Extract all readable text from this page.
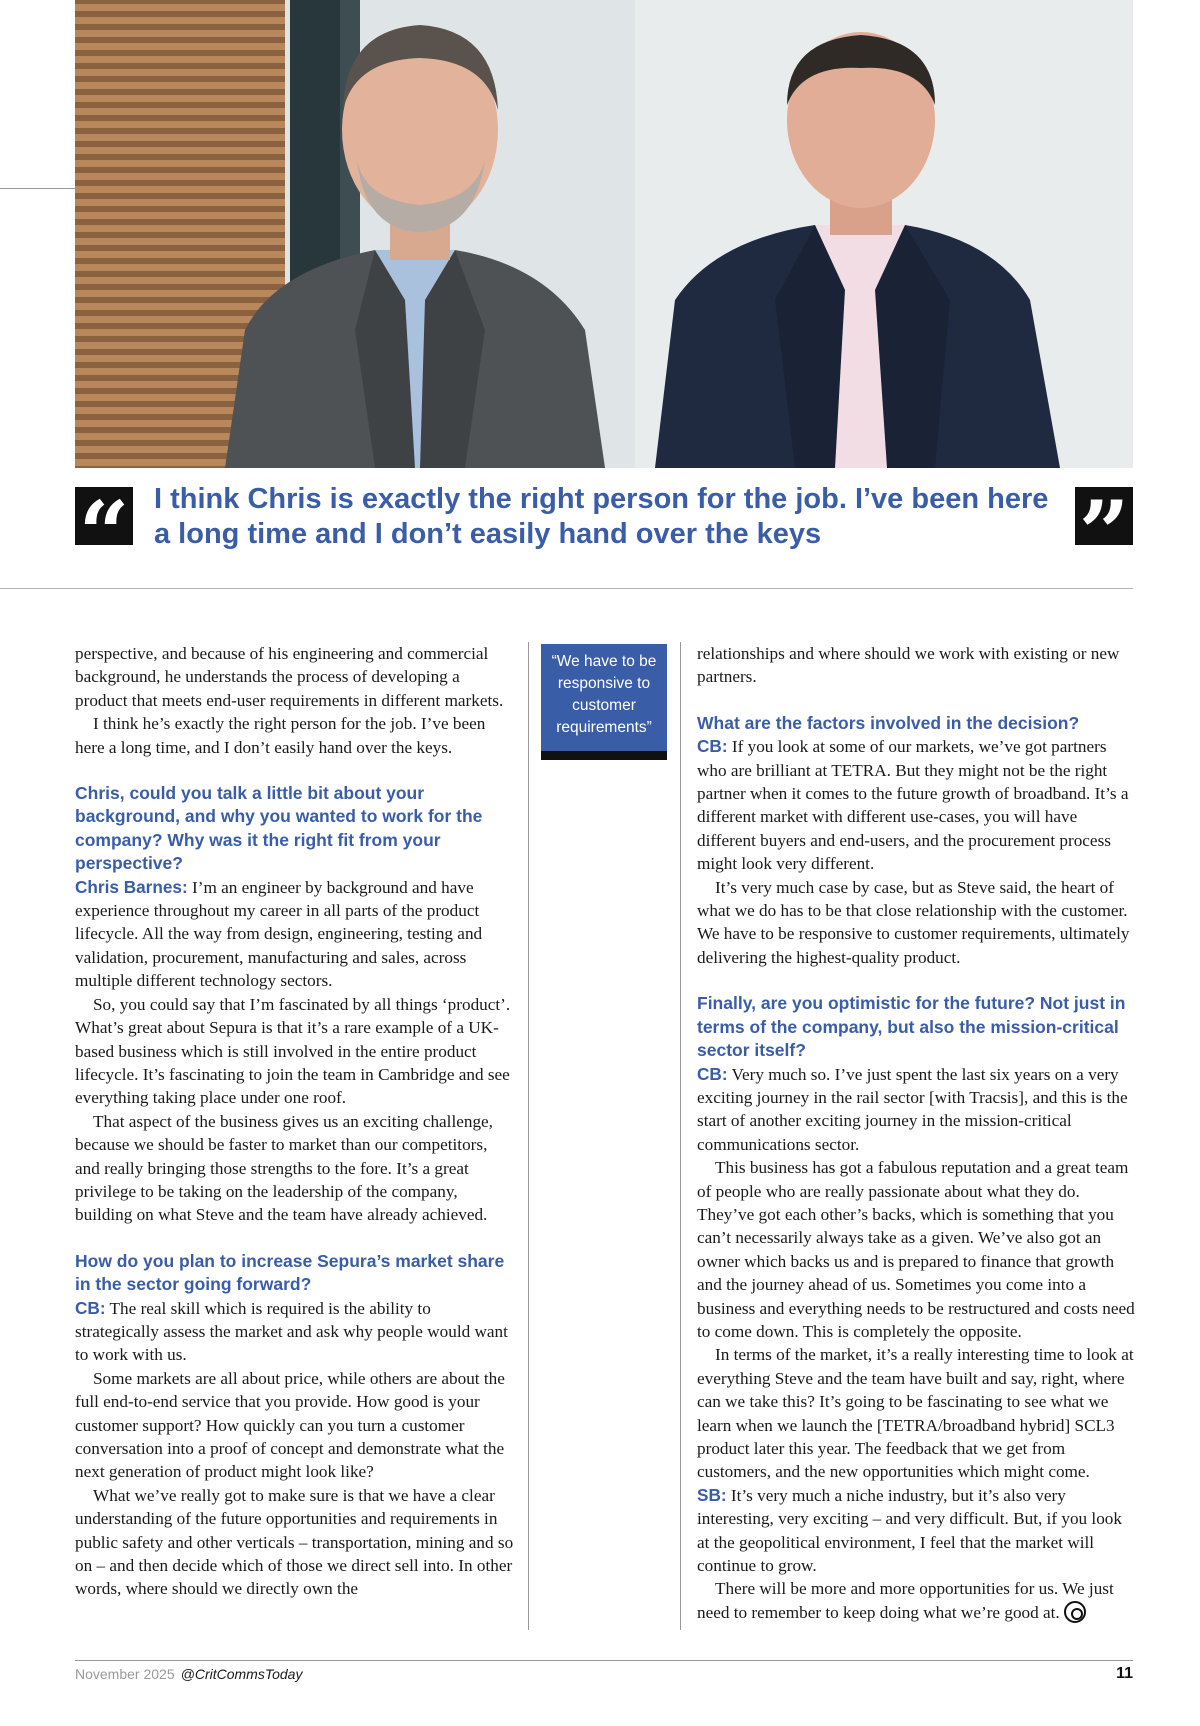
“ I think Chris is exactly the right person for the job. I’ve been here a long time and I don’t easily hand over the keys	”
“We have to be responsive to customer requirements”

perspective, and because of his engineering and commercial background, he understands the process of developing a product that meets end-user requirements in different markets.

I think he’s exactly the right person for the job. I’ve been here a long time, and I don’t easily hand over the keys.

Chris, could you talk a little bit about your background, and why you wanted to work for the company? Why was it the right fit from your perspective?

Chris Barnes: I’m an engineer by background and have experience throughout my career in all parts of the product lifecycle. All the way from design, engineering, testing and validation, procurement, manufacturing and sales, across multiple different technology sectors.

So, you could say that I’m fascinated by all things ‘product’. What’s great about Sepura is that it’s a rare example of a UK-based business which is still involved in the entire product lifecycle. It’s fascinating to join the team in Cambridge and see everything taking place under one roof.

That aspect of the business gives us an exciting challenge, because we should be faster to market than our competitors, and really bringing those strengths to the fore. It’s a great privilege to be taking on the leadership of the company, building on what Steve and the team have already achieved.

How do you plan to increase Sepura’s market share in the sector going forward?

CB: The real skill which is required is the ability to strategically assess the market and ask why people would want to work with us.

Some markets are all about price, while others are about the full end-to-end service that you provide. How good is your customer support? How quickly can you turn a customer conversation into a proof of concept and demonstrate what the next generation of product might look like?

What we’ve really got to make sure is that we have a clear understanding of the future opportunities and requirements in public safety and other verticals – transportation, mining and so on – and then decide which of those we direct sell into. In other words, where should we directly own the

relationships and where should we work with existing or new partners.

What are the factors involved in the decision?

CB: If you look at some of our markets, we’ve got partners who are brilliant at TETRA. But they might not be the right partner when it comes to the future growth of broadband. It’s a different market with different use-cases, you will have different buyers and end-users, and the procurement process might look very different.

It’s very much case by case, but as Steve said, the heart of what we do has to be that close relationship with the customer. We have to be responsive to customer requirements, ultimately delivering the highest-quality product.

Finally, are you optimistic for the future? Not just in terms of the company, but also the mission-critical sector itself?

CB: Very much so. I’ve just spent the last six years on a very exciting journey in the rail sector [with Tracsis], and this is the start of another exciting journey in the mission-critical communications sector.

This business has got a fabulous reputation and a great team of people who are really passionate about what they do. They’ve got each other’s backs, which is something that you can’t necessarily always take as a given. We’ve also got an owner which backs us and is prepared to finance that growth and the journey ahead of us. Sometimes you come into a business and everything needs to be restructured and costs need to come down. This is completely the opposite.

In terms of the market, it’s a really interesting time to look at everything Steve and the team have built and say, right, where can we take this? It’s going to be fascinating to see what we learn when we launch the [TETRA/broadband hybrid] SCL3 product later this year. The feedback that we get from customers, and the new opportunities which might come.

SB: It’s very much a niche industry, but it’s also very interesting, very exciting – and very difficult. But, if you look at the geopolitical environment, I feel that the market will continue to grow.

There will be more and more opportunities for us. We just need to remember to keep doing what we’re good at.

November 2025 @CritCommsToday	11
